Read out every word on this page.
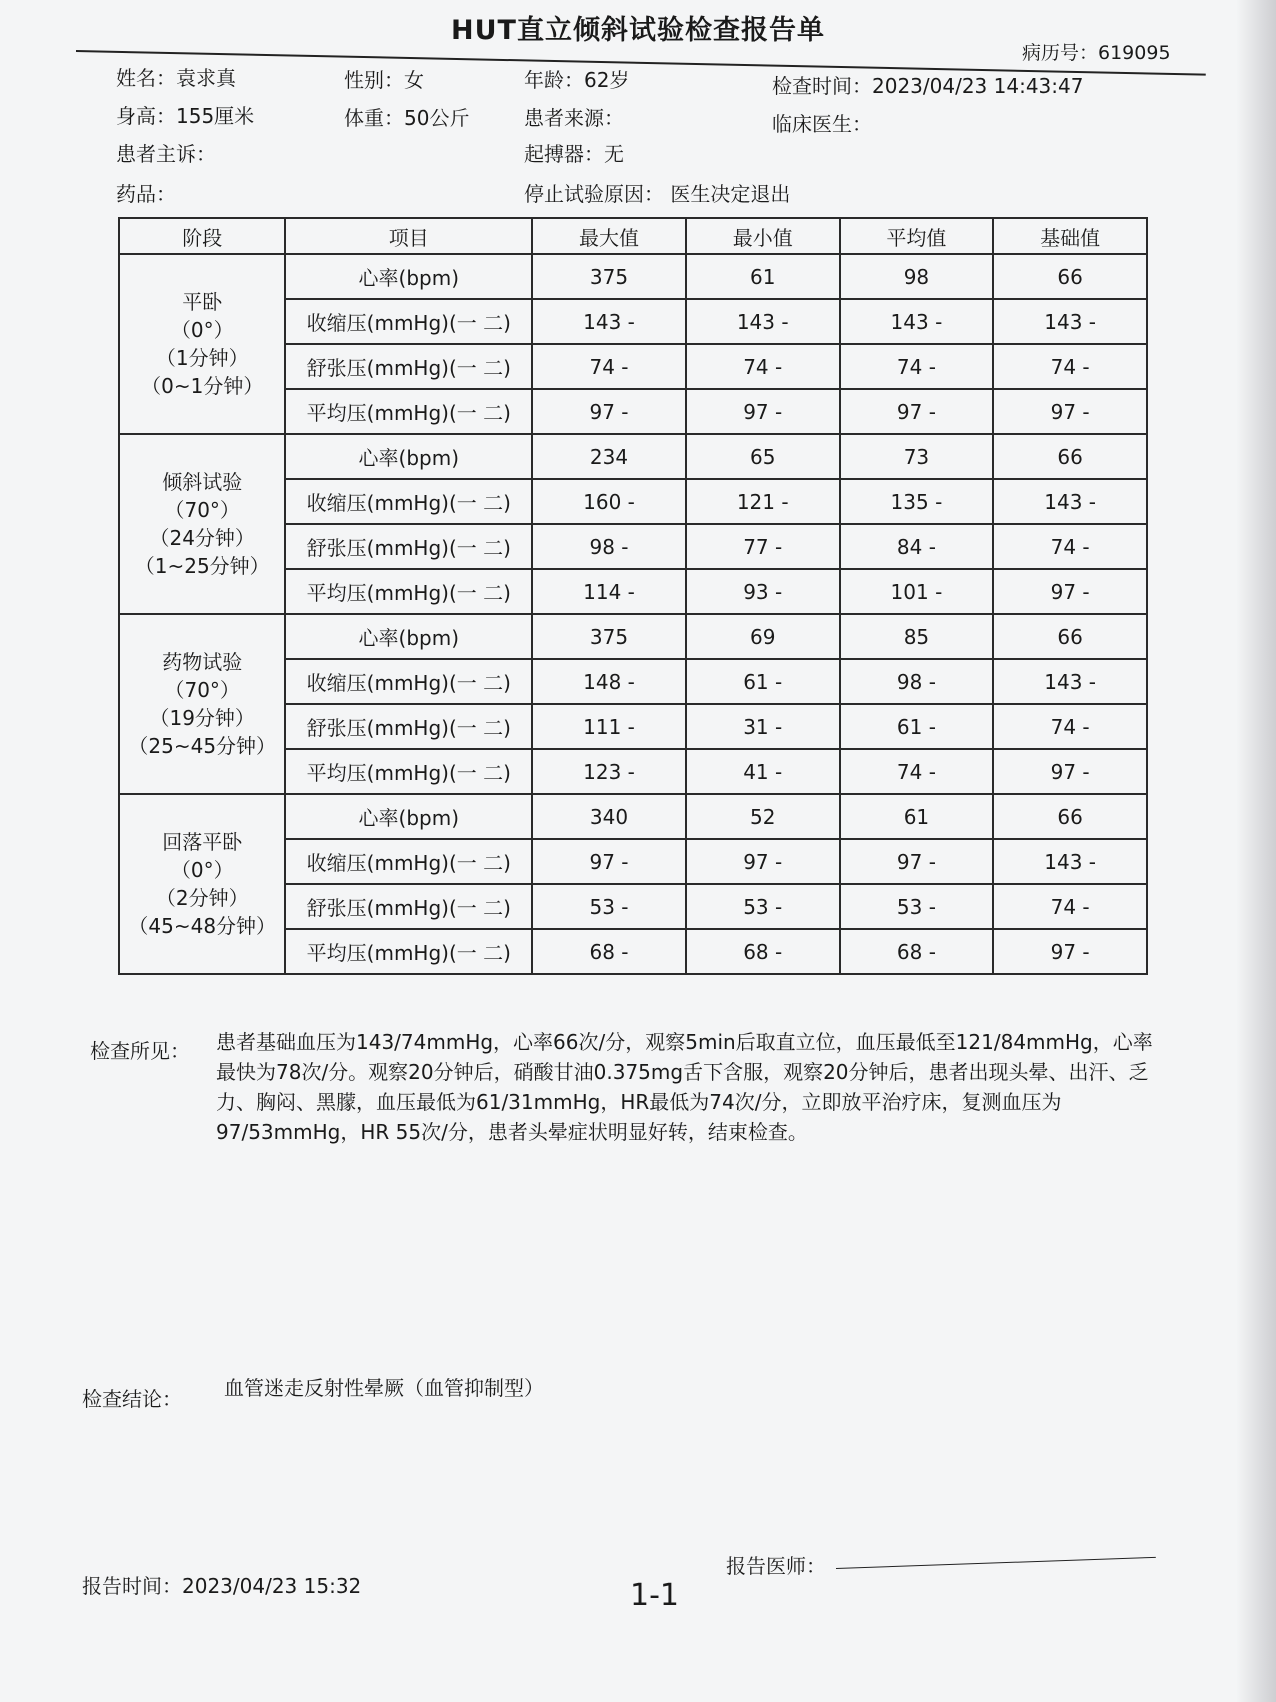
HUT直立倾斜试验检查报告单
病历号：619095
姓名：袁求真	性别：女	年龄：62岁	检查时间：2023/04/23 14:43:47
身高：155厘米	体重：50公斤	患者来源：	临床医生：
患者主诉：	起搏器：无
药品：	停止试验原因： 医生决定退出
阶段	项目	最大值	最小值	平均值	基础值

平卧
（0°）
（1分钟）
（0~1分钟）	心率(bpm)	375	61	98	66
	收缩压(mmHg)(一 二)	143 -	143 -	143 -	143 -
	舒张压(mmHg)(一 二)	74 -	74 -	74 -	74 -
	平均压(mmHg)(一 二)	97 -	97 -	97 -	97 -

倾斜试验
（70°）
（24分钟）
（1~25分钟）	心率(bpm)	234	65	73	66
	收缩压(mmHg)(一 二)	160 -	121 -	135 -	143 -
	舒张压(mmHg)(一 二)	98 -	77 -	84 -	74 -
	平均压(mmHg)(一 二)	114 -	93 -	101 -	97 -

药物试验
（70°）
（19分钟）
（25~45分钟）	心率(bpm)	375	69	85	66
	收缩压(mmHg)(一 二)	148 -	61 -	98 -	143 -
	舒张压(mmHg)(一 二)	111 -	31 -	61 -	74 -
	平均压(mmHg)(一 二)	123 -	41 -	74 -	97 -

回落平卧
（0°）
（2分钟）
（45~48分钟）	心率(bpm)	340	52	61	66
	收缩压(mmHg)(一 二)	97 -	97 -	97 -	143 -
	舒张压(mmHg)(一 二)	53 -	53 -	53 -	74 -
	平均压(mmHg)(一 二)	68 -	68 -	68 -	97 -
检查所见： 患者基础血压为143/74mmHg，心率66次/分，观察5min后取直立位，血压最低至121/84mmHg，心率最快为78次/分。观察20分钟后，硝酸甘油0.375mg舌下含服，观察20分钟后，患者出现头晕、出汗、乏力、胸闷、黑朦，血压最低为61/31mmHg，HR最低为74次/分，立即放平治疗床，复测血压为97/53mmHg，HR 55次/分，患者头晕症状明显好转，结束检查。
检查结论： 血管迷走反射性晕厥（血管抑制型）
报告医师：
报告时间：2023/04/23 15:32	1-1
